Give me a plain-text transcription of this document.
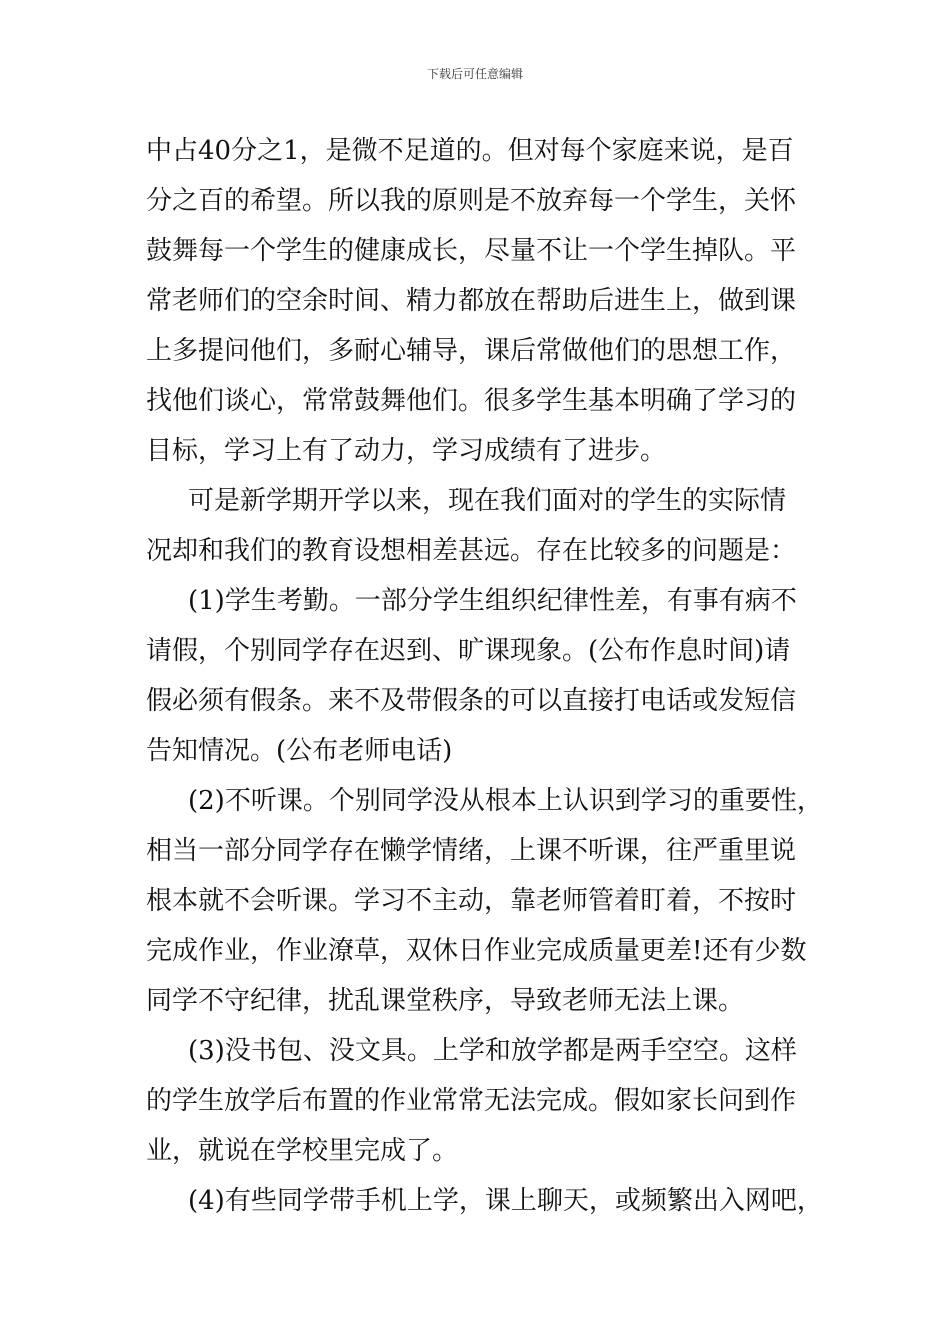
下载后可任意编辑
中占40分之1，是微不足道的。但对每个家庭来说，是百
分之百的希望。所以我的原则是不放弃每一个学生，关怀
鼓舞每一个学生的健康成长，尽量不让一个学生掉队。平
常老师们的空余时间、精力都放在帮助后进生上，做到课
上多提问他们，多耐心辅导，课后常做他们的思想工作，
找他们谈心，常常鼓舞他们。很多学生基本明确了学习的
目标，学习上有了动力，学习成绩有了进步。
可是新学期开学以来，现在我们面对的学生的实际情
况却和我们的教育设想相差甚远。存在比较多的问题是：
(1)学生考勤。一部分学生组织纪律性差，有事有病不
请假，个别同学存在迟到、旷课现象。(公布作息时间)请
假必须有假条。来不及带假条的可以直接打电话或发短信
告知情况。(公布老师电话)
(2)不听课。个别同学没从根本上认识到学习的重要性，
相当一部分同学存在懒学情绪，上课不听课，往严重里说
根本就不会听课。学习不主动，靠老师管着盯着，不按时
完成作业，作业潦草，双休日作业完成质量更差!还有少数
同学不守纪律，扰乱课堂秩序，导致老师无法上课。
(3)没书包、没文具。上学和放学都是两手空空。这样
的学生放学后布置的作业常常无法完成。假如家长问到作
业，就说在学校里完成了。
(4)有些同学带手机上学，课上聊天，或频繁出入网吧，
